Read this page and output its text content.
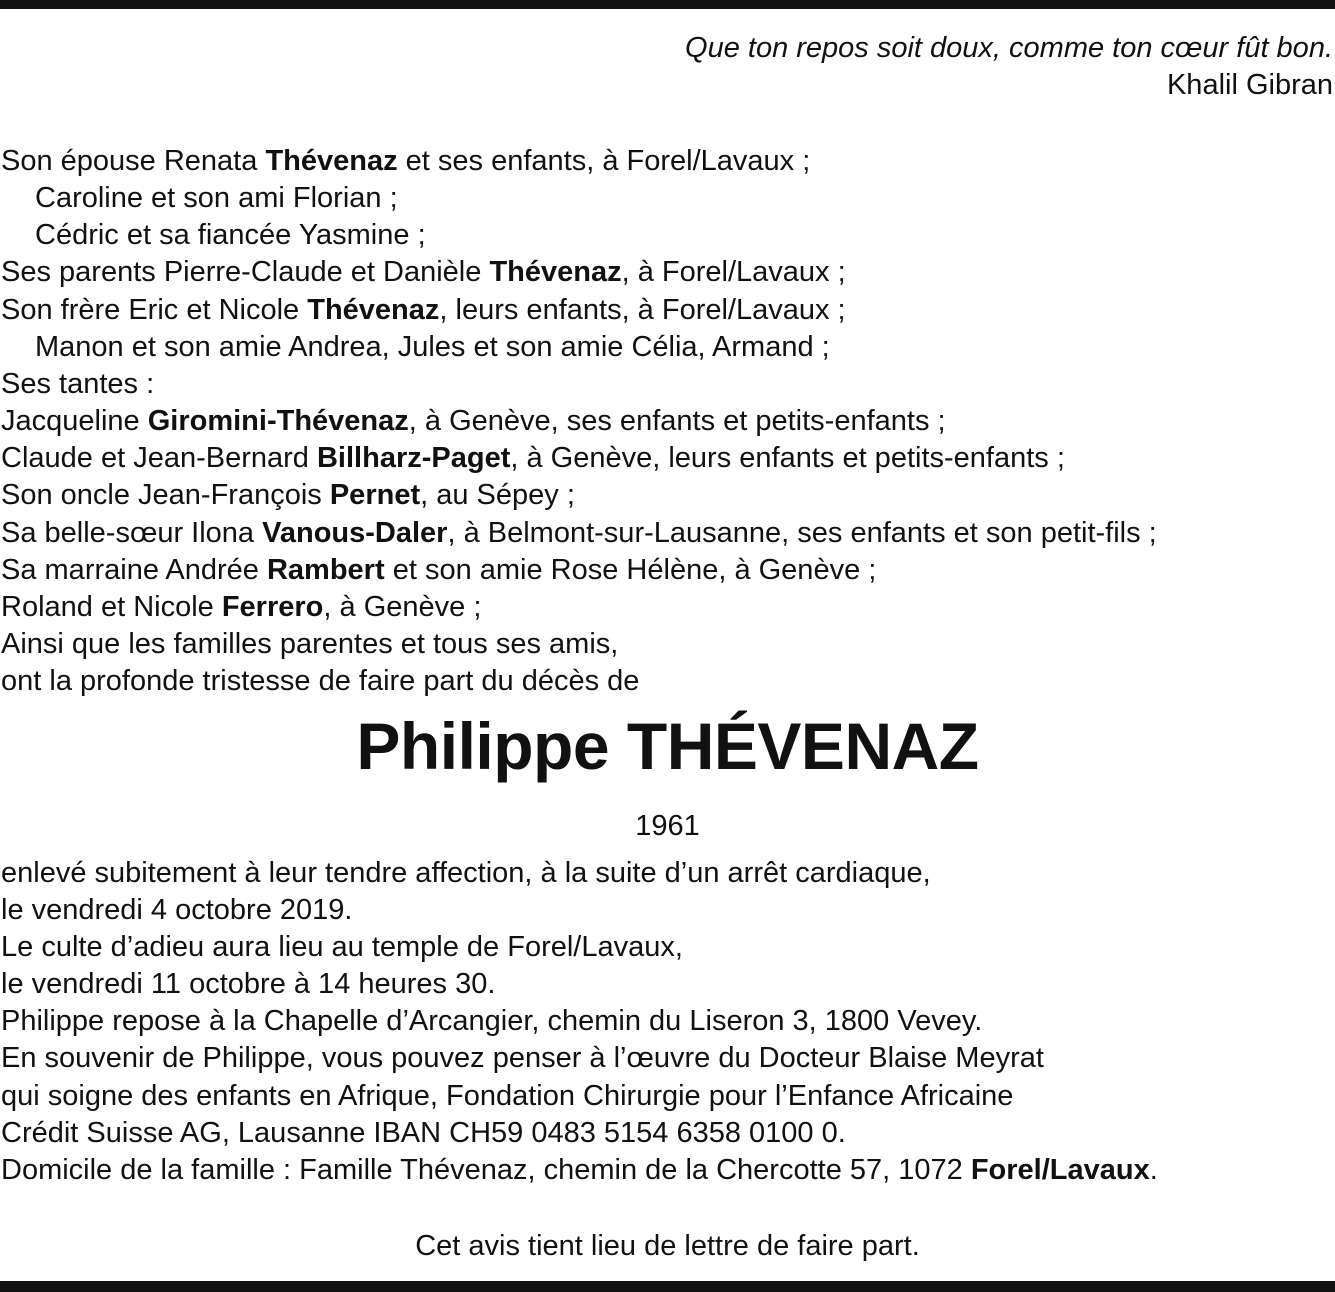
Que ton repos soit doux, comme ton cœur fût bon.
Khalil Gibran
Son épouse Renata Thévenaz et ses enfants, à Forel/Lavaux ;
Caroline et son ami Florian ;
Cédric et sa fiancée Yasmine ;
Ses parents Pierre-Claude et Danièle Thévenaz, à Forel/Lavaux ;
Son frère Eric et Nicole Thévenaz, leurs enfants, à Forel/Lavaux ;
Manon et son amie Andrea, Jules et son amie Célia, Armand ;
Ses tantes :
Jacqueline Giromini-Thévenaz, à Genève, ses enfants et petits-enfants ;
Claude et Jean-Bernard Billharz-Paget, à Genève, leurs enfants et petits-enfants ;
Son oncle Jean-François Pernet, au Sépey ;
Sa belle-sœur Ilona Vanous-Daler, à Belmont-sur-Lausanne, ses enfants et son petit-fils ;
Sa marraine Andrée Rambert et son amie Rose Hélène, à Genève ;
Roland et Nicole Ferrero, à Genève ;
Ainsi que les familles parentes et tous ses amis,
ont la profonde tristesse de faire part du décès de
Philippe THÉVENAZ
1961
enlevé subitement à leur tendre affection, à la suite d’un arrêt cardiaque,
le vendredi 4 octobre 2019.
Le culte d’adieu aura lieu au temple de Forel/Lavaux,
le vendredi 11 octobre à 14 heures 30.
Philippe repose à la Chapelle d’Arcangier, chemin du Liseron 3, 1800 Vevey.
En souvenir de Philippe, vous pouvez penser à l’œuvre du Docteur Blaise Meyrat
qui soigne des enfants en Afrique, Fondation Chirurgie pour l’Enfance Africaine
Crédit Suisse AG, Lausanne IBAN CH59 0483 5154 6358 0100 0.
Domicile de la famille : Famille Thévenaz, chemin de la Chercotte 57, 1072 Forel/Lavaux.
Cet avis tient lieu de lettre de faire part.
